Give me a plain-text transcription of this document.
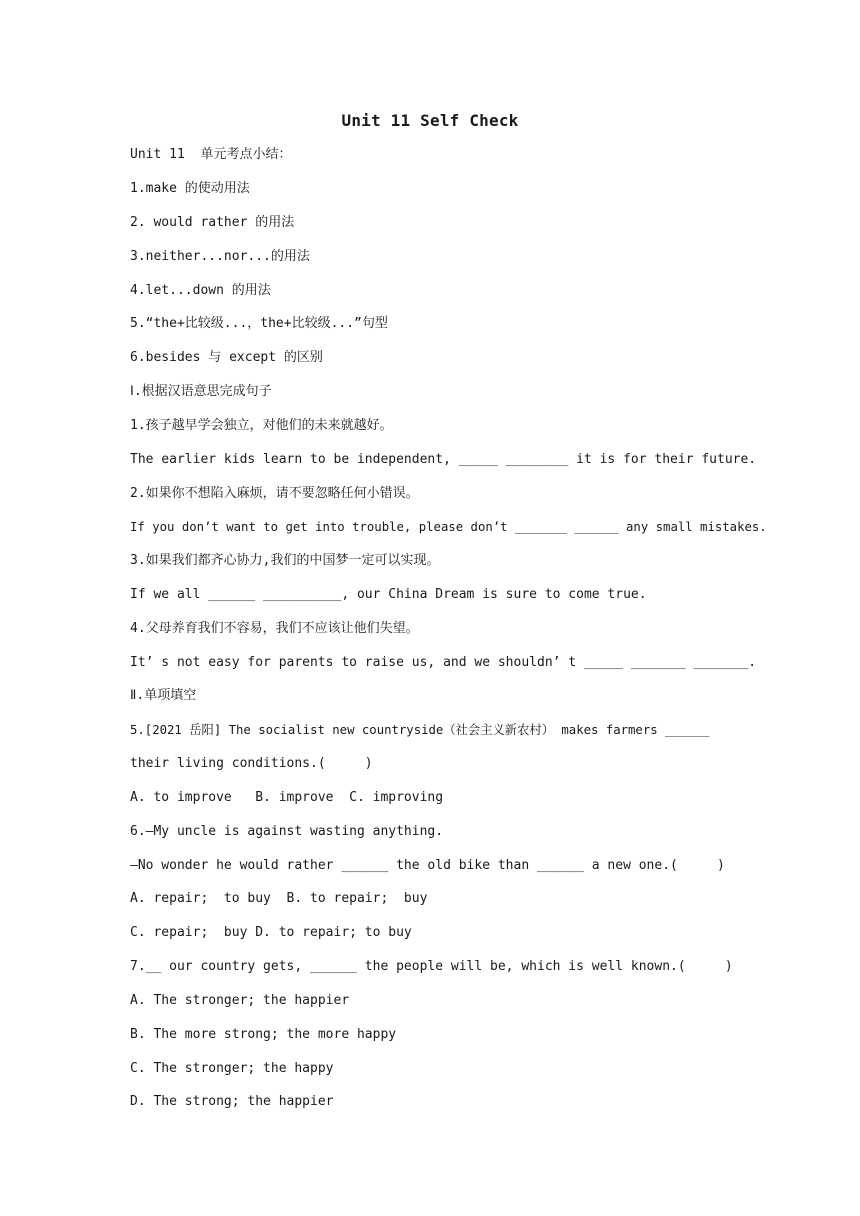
Unit 11 Self Check
Unit 11  单元考点小结：
1.make 的使动用法
2. would rather 的用法
3.neither...nor...的用法
4.let...down 的用法
5.“the+比较级...，the+比较级...”句型
6.besides 与 except 的区别
Ⅰ.根据汉语意思完成句子
1.孩子越早学会独立，对他们的未来就越好。
The earlier kids learn to be independent, _____ ________ it is for their future.
2.如果你不想陷入麻烦，请不要忽略任何小错误。
If you don’t want to get into trouble, please don’t _______ ______ any small mistakes.
3.如果我们都齐心协力,我们的中国梦一定可以实现。
If we all ______ __________, our China Dream is sure to come true.
4.父母养育我们不容易，我们不应该让他们失望。
It’ s not easy for parents to raise us, and we shouldn’ t _____ _______ _______.
Ⅱ.单项填空
5.[2021 岳阳] The socialist new countryside（社会主义新农村） makes farmers ______
their living conditions.(     )
A. to improve   B. improve  C. improving
6.—My uncle is against wasting anything.
—No wonder he would rather ______ the old bike than ______ a new one.(     )
A. repair;  to buy  B. to repair;  buy
C. repair;  buy D. to repair; to buy
7.__ our country gets, ______ the people will be, which is well known.(     )
A. The stronger; the happier
B. The more strong; the more happy
C. The stronger; the happy
D. The strong; the happier
